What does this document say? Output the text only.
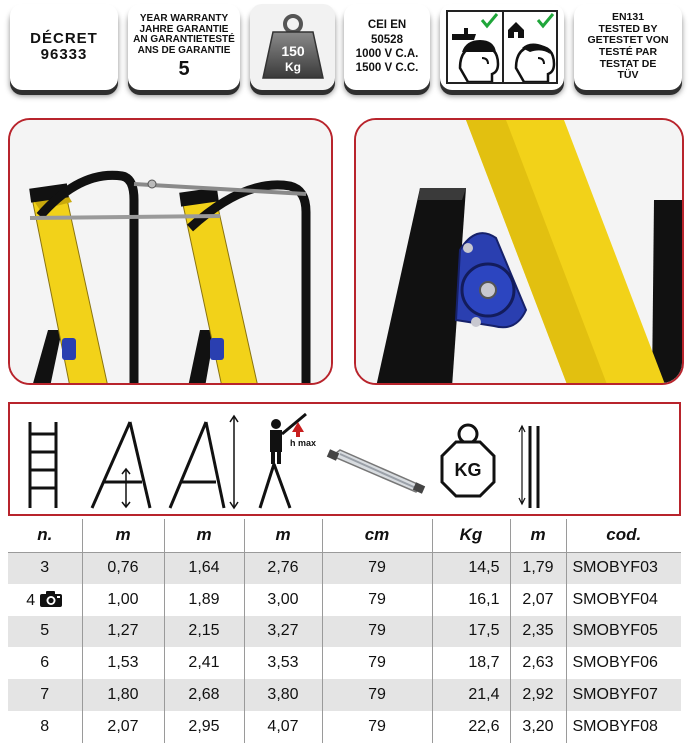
DÉCRET
96333
YEAR WARRANTY
JAHRE GARANTIE
AN GARANTIETESTÉ
ANS DE GARANTIE
5
150
Kg
CEI EN
50528
1000 V C.A.
1500 V C.C.
EN131
TESTED BY
GETESTET VON
TESTÉ PAR
TESTAT DE
TÜV
h max
KG
n.	m	m	m	cm	Kg	m	cod.
3	0,76	1,64	2,76	79	14,5	1,79	SMOBYF03
4	1,00	1,89	3,00	79	16,1	2,07	SMOBYF04
5	1,27	2,15	3,27	79	17,5	2,35	SMOBYF05
6	1,53	2,41	3,53	79	18,7	2,63	SMOBYF06
7	1,80	2,68	3,80	79	21,4	2,92	SMOBYF07
8	2,07	2,95	4,07	79	22,6	3,20	SMOBYF08
